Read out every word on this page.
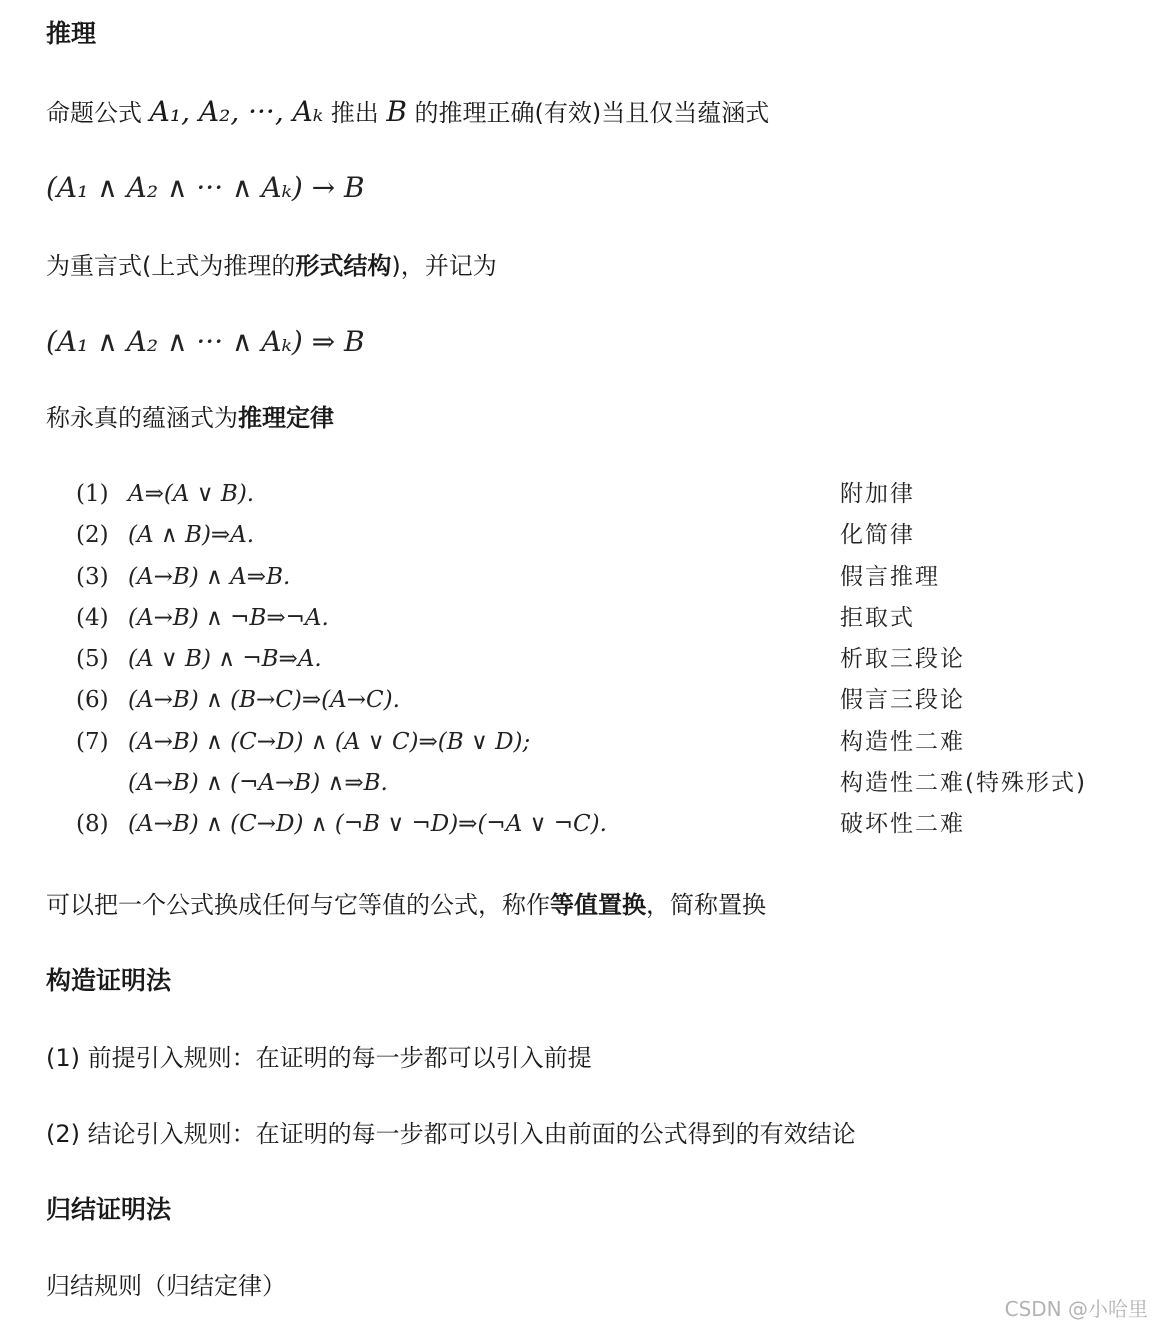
推理
命题公式 A₁, A₂, ···, Aₖ 推出 B 的推理正确(有效)当且仅当蕴涵式
(A₁ ∧ A₂ ∧ ··· ∧ Aₖ) → B
为重言式(上式为推理的形式结构)，并记为
(A₁ ∧ A₂ ∧ ··· ∧ Aₖ) ⇒ B
称永真的蕴涵式为推理定律
(1) A⇒(A ∨ B).	附加律
(2) (A ∧ B)⇒A.	化简律
(3) (A→B) ∧ A⇒B.	假言推理
(4) (A→B) ∧ ¬B⇒¬A.	拒取式
(5) (A ∨ B) ∧ ¬B⇒A.	析取三段论
(6) (A→B) ∧ (B→C)⇒(A→C).	假言三段论
(7) (A→B) ∧ (C→D) ∧ (A ∨ C)⇒(B ∨ D);	构造性二难
(A→B) ∧ (¬A→B) ∧⇒B.	构造性二难(特殊形式)
(8) (A→B) ∧ (C→D) ∧ (¬B ∨ ¬D)⇒(¬A ∨ ¬C).	破坏性二难
可以把一个公式换成任何与它等值的公式，称作等值置换，简称置换
构造证明法
(1) 前提引入规则：在证明的每一步都可以引入前提
(2) 结论引入规则：在证明的每一步都可以引入由前面的公式得到的有效结论
归结证明法
归结规则（归结定律）
CSDN @小哈里
